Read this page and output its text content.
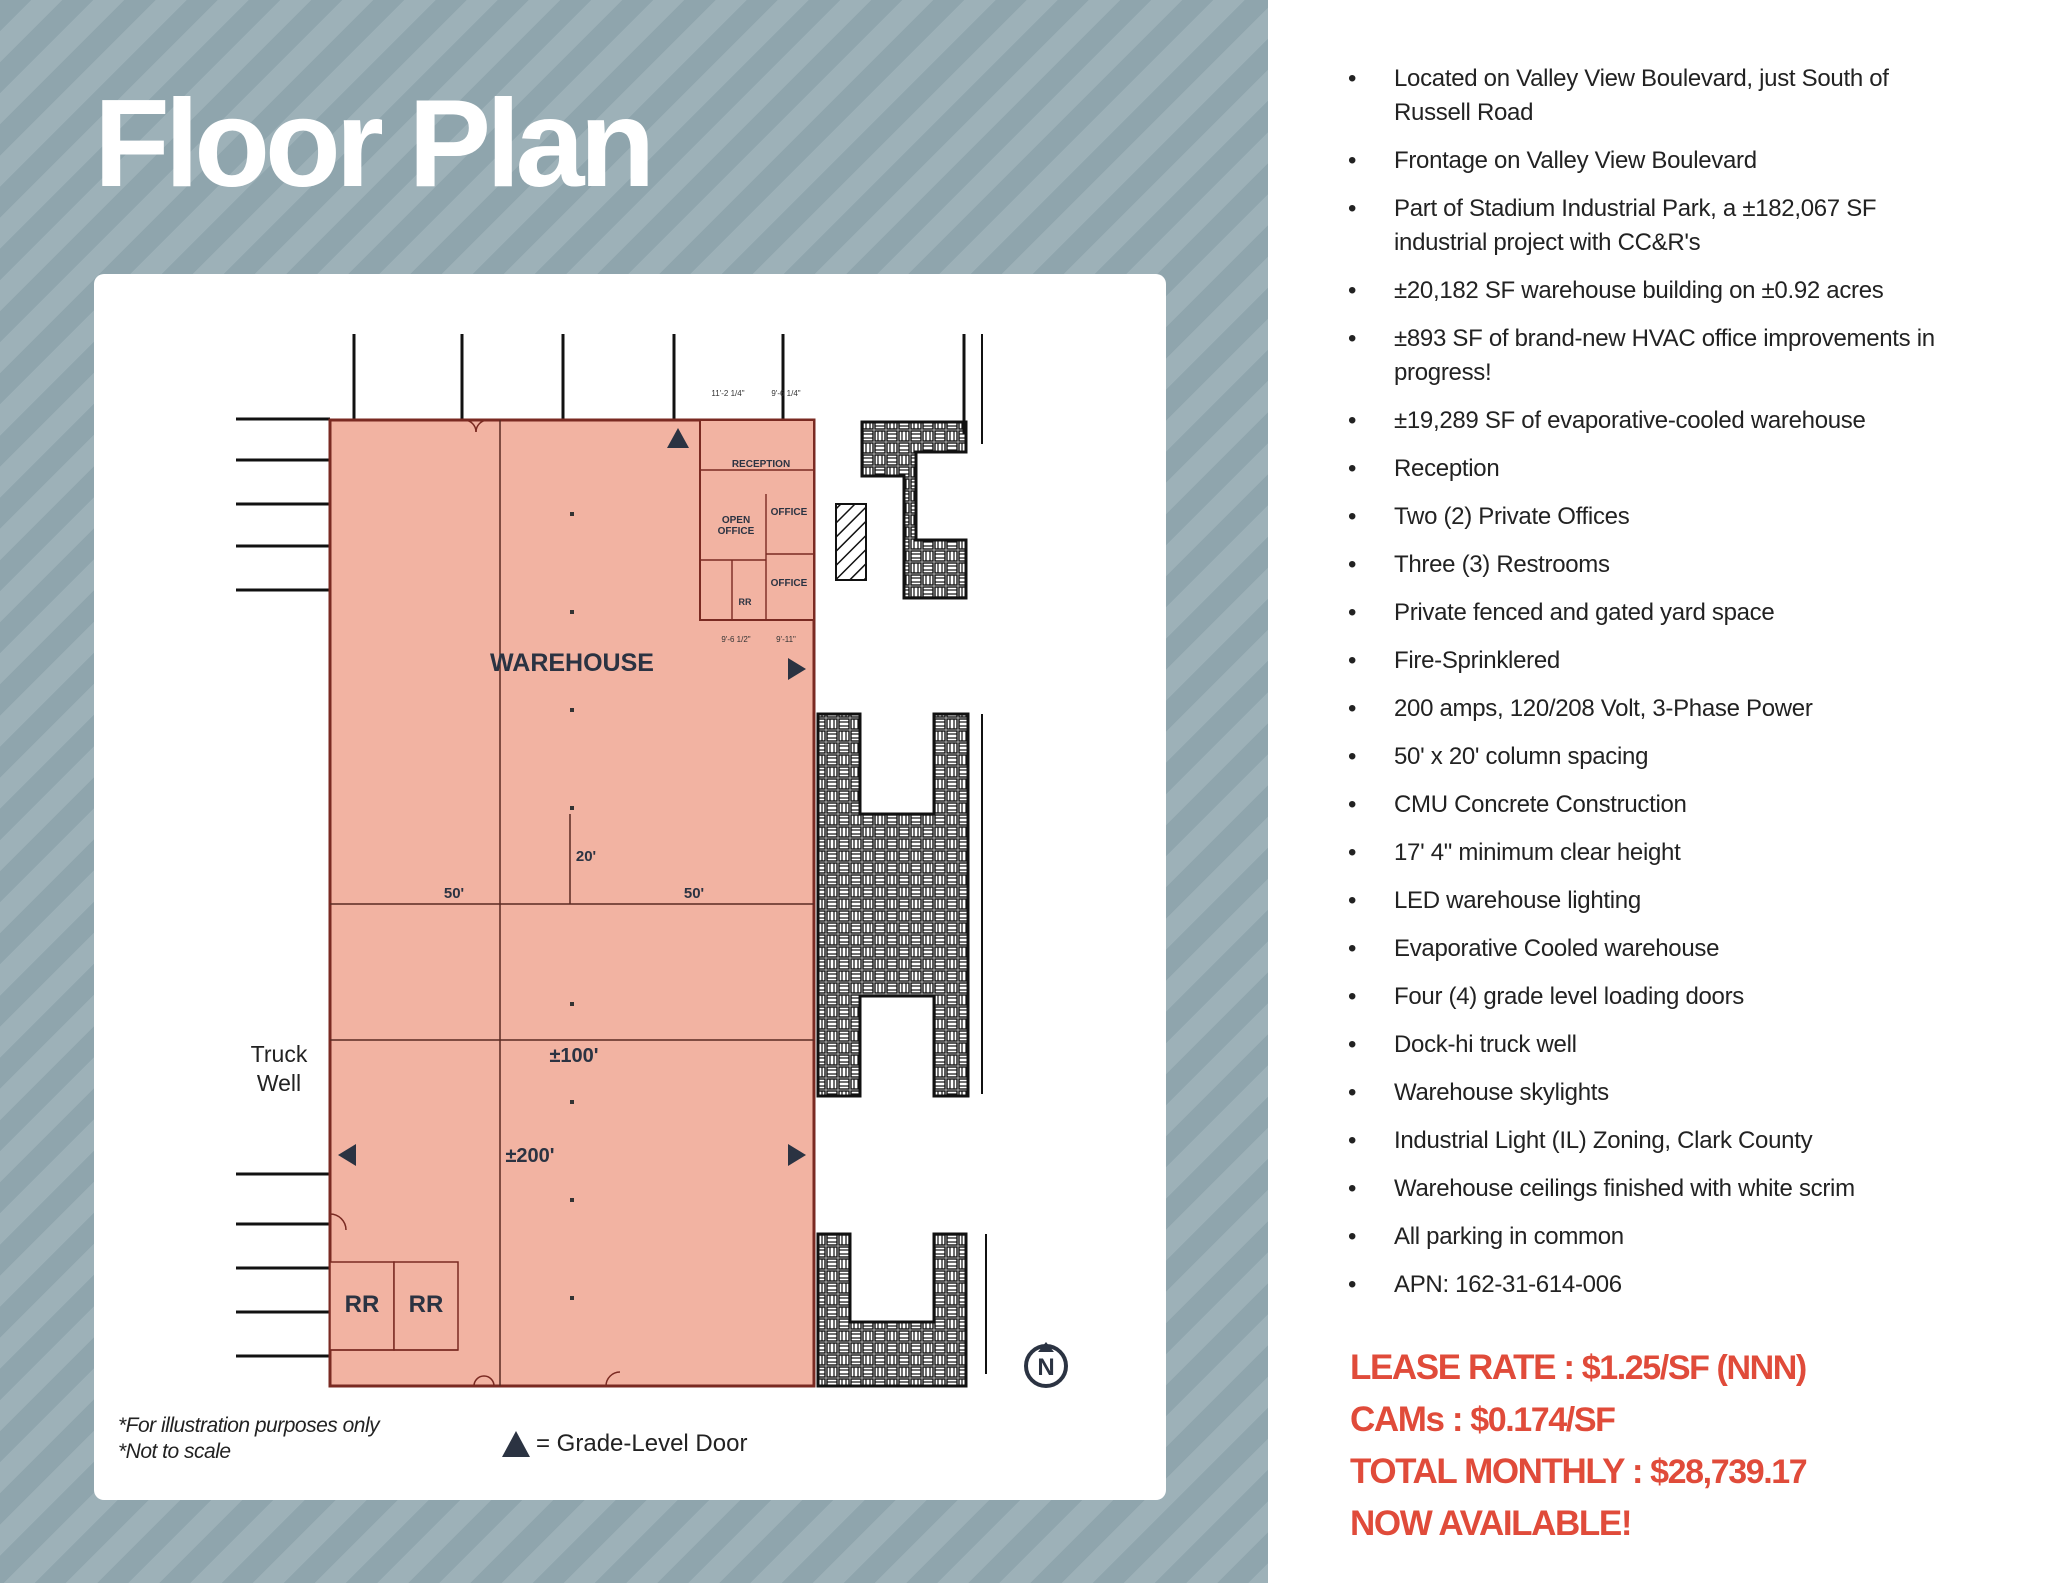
Floor Plan
WAREHOUSE
RECEPTION
OPEN
OFFICE
OFFICE
OFFICE
RR
RR RR
50'	50'
20'
±100'
±200'
11'-2 1/4"	9'-6 1/4"
9'-6 1/2"	9'-11"
N
Truck
Well
*For illustration purposes only
*Not to scale	= Grade-Level Door
• Located on Valley View Boulevard, just South of Russell Road
• Frontage on Valley View Boulevard
• Part of Stadium Industrial Park, a ±182,067 SF industrial project with CC&R's
• ±20,182 SF warehouse building on ±0.92 acres
• ±893 SF of brand-new HVAC office improvements in progress!
• ±19,289 SF of evaporative-cooled warehouse
• Reception
• Two (2) Private Offices
• Three (3) Restrooms
• Private fenced and gated yard space
• Fire-Sprinklered
• 200 amps, 120/208 Volt, 3-Phase Power
• 50' x 20' column spacing
• CMU Concrete Construction
• 17' 4" minimum clear height
• LED warehouse lighting
• Evaporative Cooled warehouse
• Four (4) grade level loading doors
• Dock-hi truck well
• Warehouse skylights
• Industrial Light (IL) Zoning, Clark County
• Warehouse ceilings finished with white scrim
• All parking in common
• APN: 162-31-614-006
LEASE RATE : $1.25/SF (NNN)
CAMs : $0.174/SF
TOTAL MONTHLY : $28,739.17
NOW AVAILABLE!
